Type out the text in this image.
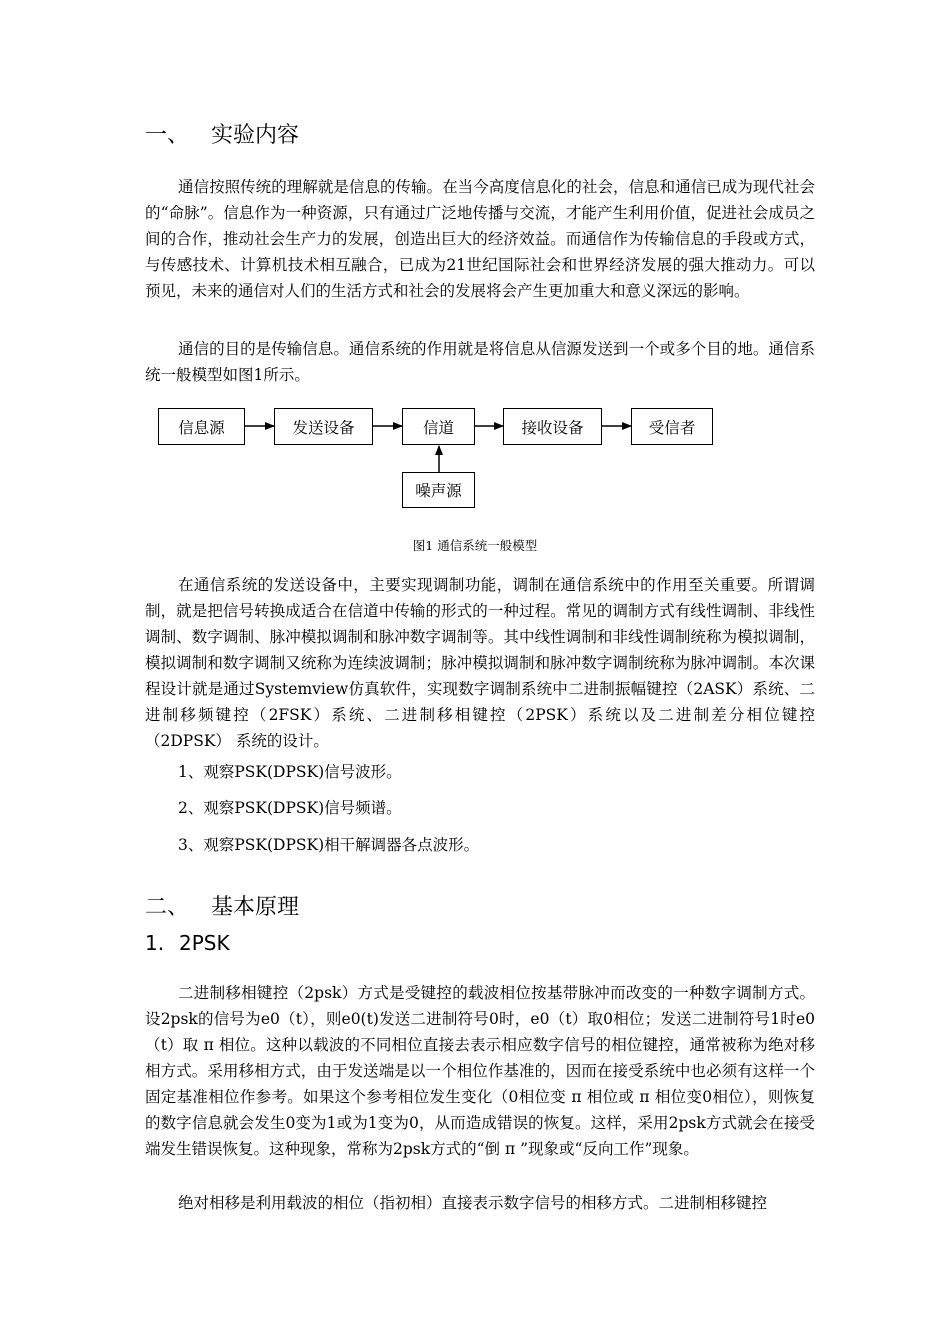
一、 实验内容

通信按照传统的理解就是信息的传输。在当今高度信息化的社会，信息和通信已成为现代社会的“命脉”。信息作为一种资源，只有通过广泛地传播与交流，才能产生利用价值，促进社会成员之间的合作，推动社会生产力的发展，创造出巨大的经济效益。而通信作为传输信息的手段或方式，与传感技术、计算机技术相互融合，已成为21世纪国际社会和世界经济发展的强大推动力。可以预见，未来的通信对人们的生活方式和社会的发展将会产生更加重大和意义深远的影响。

通信的目的是传输信息。通信系统的作用就是将信息从信源发送到一个或多个目的地。通信系统一般模型如图1所示。

信息源	发送设备	信道	接收设备	受信者
噪声源
图1 通信系统一般模型

在通信系统的发送设备中，主要实现调制功能，调制在通信系统中的作用至关重要。所谓调制，就是把信号转换成适合在信道中传输的形式的一种过程。常见的调制方式有线性调制、非线性调制、数字调制、脉冲模拟调制和脉冲数字调制等。其中线性调制和非线性调制统称为模拟调制，模拟调制和数字调制又统称为连续波调制；脉冲模拟调制和脉冲数字调制统称为脉冲调制。本次课程设计就是通过Systemview仿真软件，实现数字调制系统中二进制振幅键控（2ASK）系统、二进制移频键控（2FSK）系统、二进制移相键控（2PSK）系统以及二进制差分相位键控（2DPSK） 系统的设计。

1、观察PSK(DPSK)信号波形。

2、观察PSK(DPSK)信号频谱。

3、观察PSK(DPSK)相干解调器各点波形。

二、 基本原理
1. 2PSK

二进制移相键控（2psk）方式是受键控的载波相位按基带脉冲而改变的一种数字调制方式。设2psk的信号为e0（t），则e0(t)发送二进制符号0时，e0（t）取0相位；发送二进制符号1时e0（t）取 π 相位。这种以载波的不同相位直接去表示相应数字信号的相位键控，通常被称为绝对移相方式。采用移相方式，由于发送端是以一个相位作基准的，因而在接受系统中也必须有这样一个固定基准相位作参考。如果这个参考相位发生变化（0相位变 π 相位或 π 相位变0相位），则恢复的数字信息就会发生0变为1或为1变为0，从而造成错误的恢复。这样，采用2psk方式就会在接受端发生错误恢复。这种现象，常称为2psk方式的“倒 π ”现象或“反向工作”现象。

绝对相移是利用载波的相位（指初相）直接表示数字信号的相移方式。二进制相移键控
